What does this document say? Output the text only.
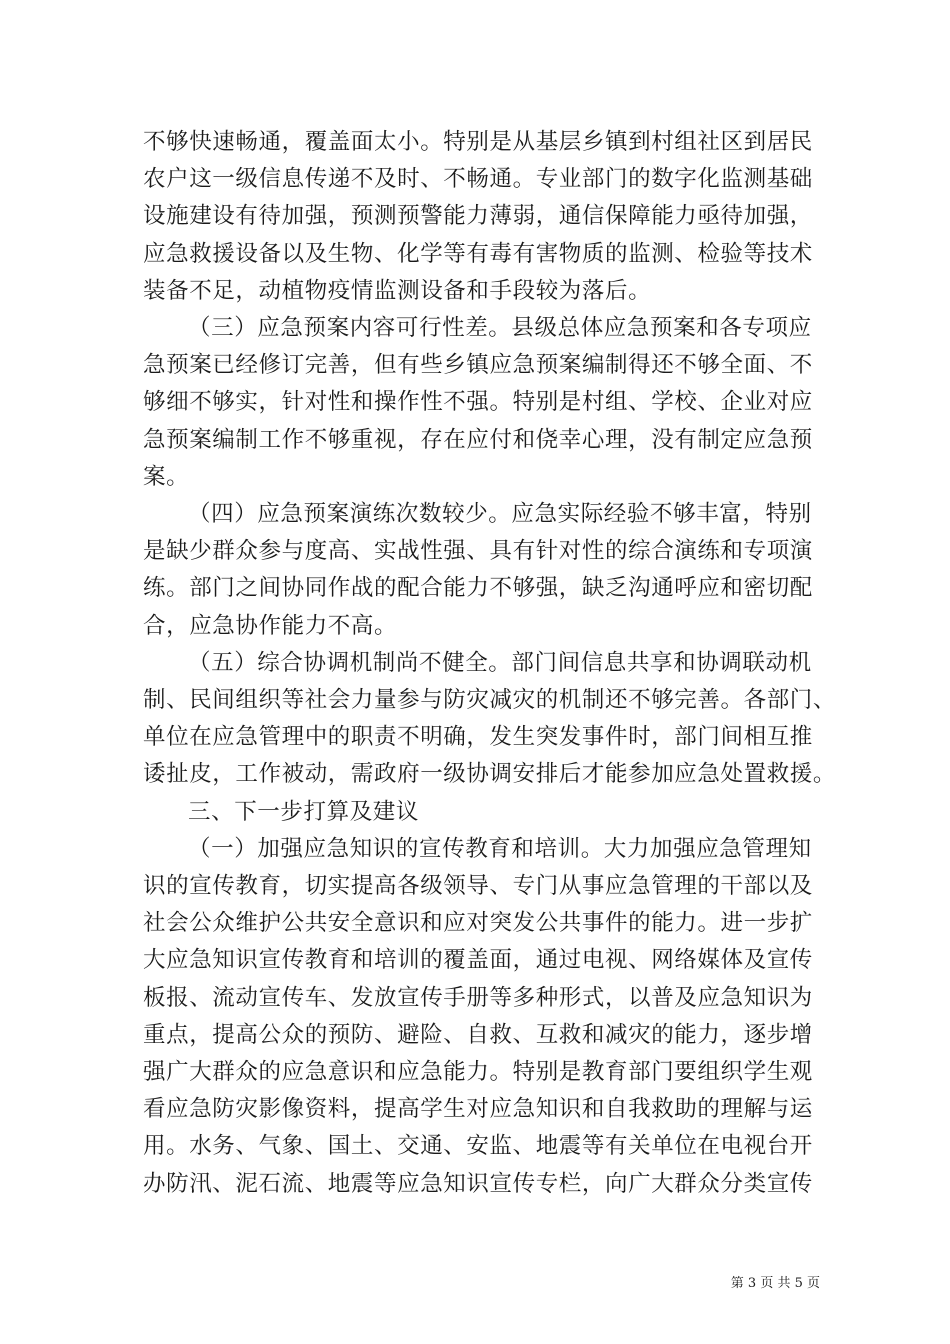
不够快速畅通，覆盖面太小。特别是从基层乡镇到村组社区到居民
农户这一级信息传递不及时、不畅通。专业部门的数字化监测基础
设施建设有待加强，预测预警能力薄弱，通信保障能力亟待加强，
应急救援设备以及生物、化学等有毒有害物质的监测、检验等技术
装备不足，动植物疫情监测设备和手段较为落后。
（三）应急预案内容可行性差。县级总体应急预案和各专项应
急预案已经修订完善，但有些乡镇应急预案编制得还不够全面、不
够细不够实，针对性和操作性不强。特别是村组、学校、企业对应
急预案编制工作不够重视，存在应付和侥幸心理，没有制定应急预
案。
（四）应急预案演练次数较少。应急实际经验不够丰富，特别
是缺少群众参与度高、实战性强、具有针对性的综合演练和专项演
练。部门之间协同作战的配合能力不够强，缺乏沟通呼应和密切配
合，应急协作能力不高。
（五）综合协调机制尚不健全。部门间信息共享和协调联动机
制、民间组织等社会力量参与防灾减灾的机制还不够完善。各部门、
单位在应急管理中的职责不明确，发生突发事件时，部门间相互推
诿扯皮，工作被动，需政府一级协调安排后才能参加应急处置救援。
三、下一步打算及建议
（一）加强应急知识的宣传教育和培训。大力加强应急管理知
识的宣传教育，切实提高各级领导、专门从事应急管理的干部以及
社会公众维护公共安全意识和应对突发公共事件的能力。进一步扩
大应急知识宣传教育和培训的覆盖面，通过电视、网络媒体及宣传
板报、流动宣传车、发放宣传手册等多种形式，以普及应急知识为
重点，提高公众的预防、避险、自救、互救和减灾的能力，逐步增
强广大群众的应急意识和应急能力。特别是教育部门要组织学生观
看应急防灾影像资料，提高学生对应急知识和自我救助的理解与运
用。水务、气象、国土、交通、安监、地震等有关单位在电视台开
办防汛、泥石流、地震等应急知识宣传专栏，向广大群众分类宣传
第 3 页 共 5 页
